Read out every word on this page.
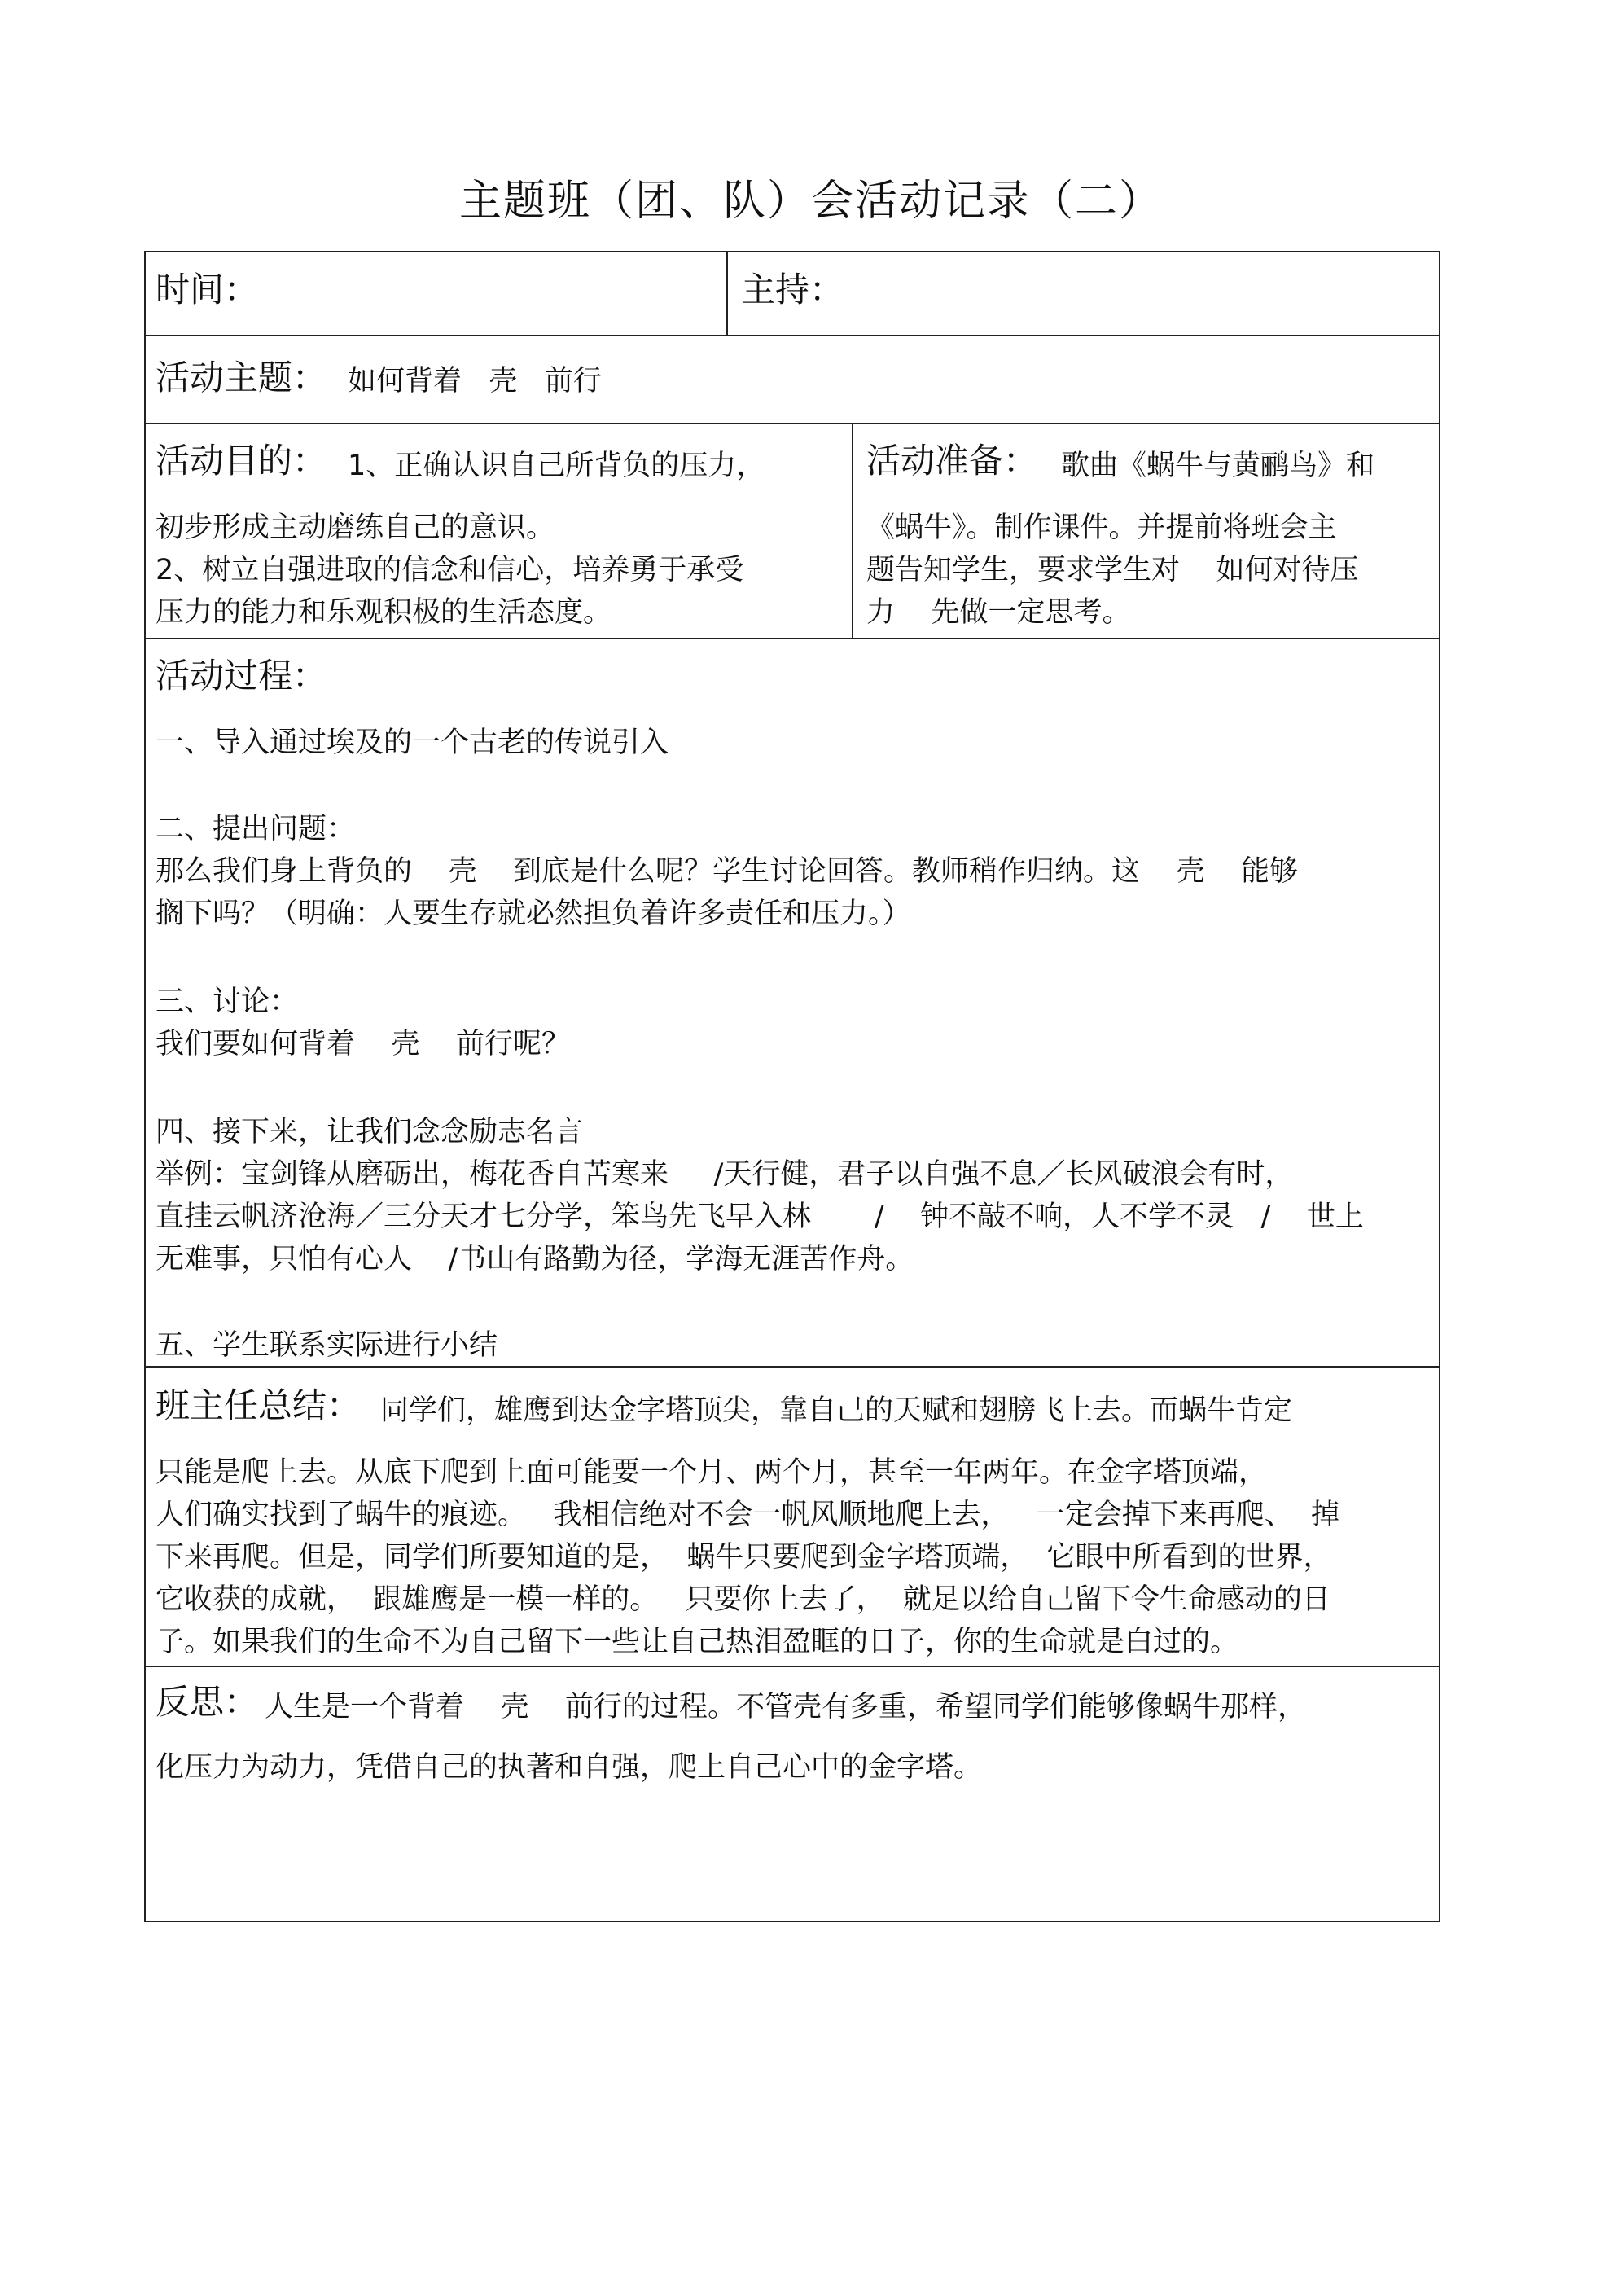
主题班（团、队）会活动记录（二）
时间：	主持：
活动主题： 如何背着   壳   前行
活动目的： 1、正确认识自己所背负的压力，
初步形成主动磨练自己的意识。
2、树立自强进取的信念和信心，培养勇于承受
压力的能力和乐观积极的生活态度。
活动准备： 歌曲《蜗牛与黄鹂鸟》和
《蜗牛》。制作课件。并提前将班会主
题告知学生，要求学生对    如何对待压
力    先做一定思考。
活动过程：
一、导入通过埃及的一个古老的传说引入
二、提出问题：
那么我们身上背负的    壳    到底是什么呢？学生讨论回答。教师稍作归纳。这    壳    能够
搁下吗？（明确：人要生存就必然担负着许多责任和压力。）
三、讨论：
我们要如何背着    壳    前行呢？
四、接下来，让我们念念励志名言
举例：宝剑锋从磨砺出，梅花香自苦寒来     /天行健，君子以自强不息／长风破浪会有时，
直挂云帆济沧海／三分天才七分学，笨鸟先飞早入林       /    钟不敲不响，人不学不灵   /    世上
无难事，只怕有心人    /书山有路勤为径，学海无涯苦作舟。
五、学生联系实际进行小结
班主任总结： 同学们，雄鹰到达金字塔顶尖，靠自己的天赋和翅膀飞上去。而蜗牛肯定
只能是爬上去。从底下爬到上面可能要一个月、两个月，甚至一年两年。在金字塔顶端，
人们确实找到了蜗牛的痕迹。   我相信绝对不会一帆风顺地爬上去，   一定会掉下来再爬、  掉
下来再爬。但是，同学们所要知道的是，  蜗牛只要爬到金字塔顶端，  它眼中所看到的世界，
它收获的成就，  跟雄鹰是一模一样的。   只要你上去了，  就足以给自己留下令生命感动的日
子。如果我们的生命不为自己留下一些让自己热泪盈眶的日子，你的生命就是白过的。
反思： 人生是一个背着    壳    前行的过程。不管壳有多重，希望同学们能够像蜗牛那样，
化压力为动力，凭借自己的执著和自强，爬上自己心中的金字塔。
